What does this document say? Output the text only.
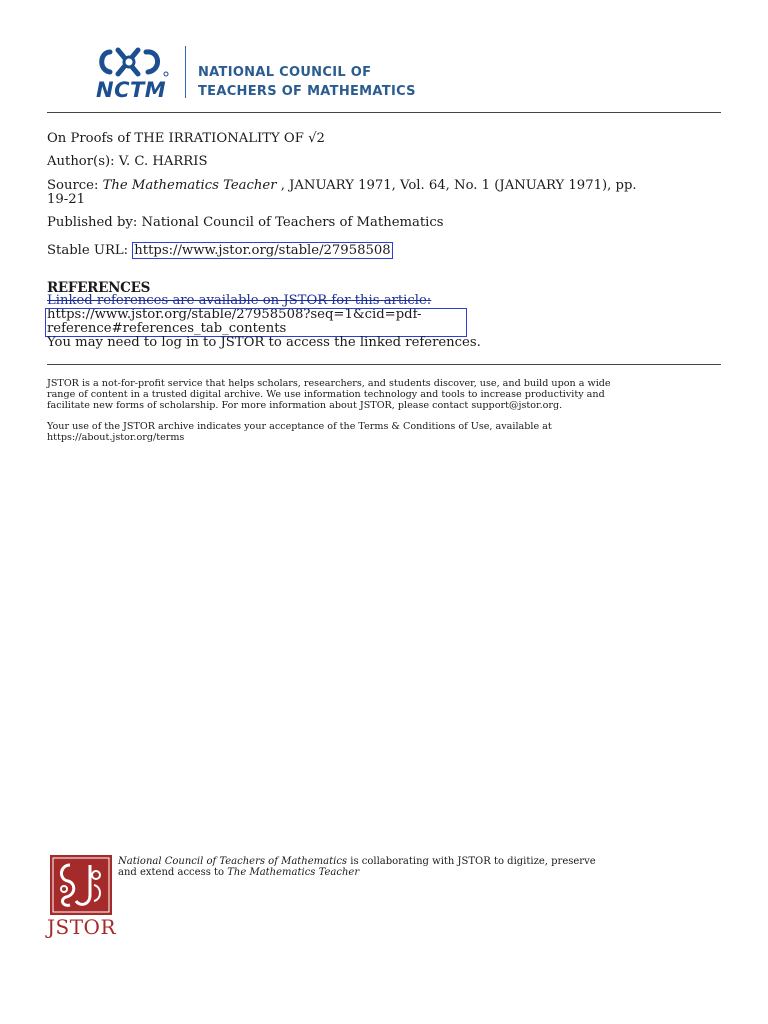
NCTM
NATIONAL COUNCIL OF
TEACHERS OF MATHEMATICS
On Proofs of THE IRRATIONALITY OF √2
Author(s): V. C. HARRIS
Source: The Mathematics Teacher , JANUARY 1971, Vol. 64, No. 1 (JANUARY 1971), pp.
19-21
Published by: National Council of Teachers of Mathematics
Stable URL: https://www.jstor.org/stable/27958508
REFERENCES
Linked references are available on JSTOR for this article:
https://www.jstor.org/stable/27958508?seq=1&cid=pdf-
reference#references_tab_contents
You may need to log in to JSTOR to access the linked references.
JSTOR is a not-for-profit service that helps scholars, researchers, and students discover, use, and build upon a wide
range of content in a trusted digital archive. We use information technology and tools to increase productivity and
facilitate new forms of scholarship. For more information about JSTOR, please contact support@jstor.org.
Your use of the JSTOR archive indicates your acceptance of the Terms & Conditions of Use, available at
https://about.jstor.org/terms
JSTOR
National Council of Teachers of Mathematics is collaborating with JSTOR to digitize, preserve
and extend access to The Mathematics Teacher
